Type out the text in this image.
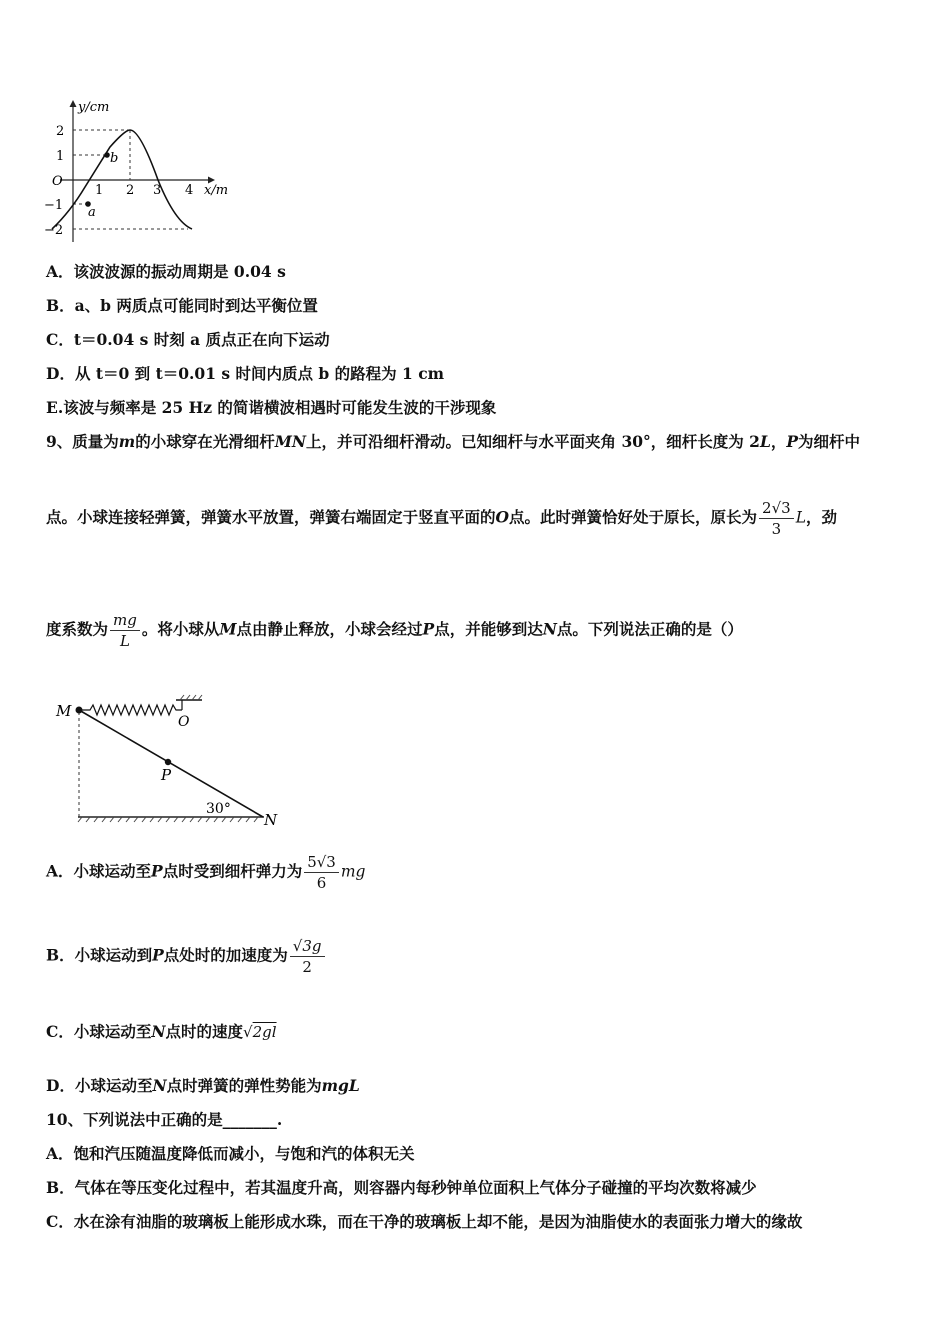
y/cm
x/m
O
2
1
−1
−2
1 2 3 4
a
b
A．该波波源的振动周期是 0.04 s
B．a、b 两质点可能同时到达平衡位置
C．t＝0.04 s 时刻 a 质点正在向下运动
D．从 t＝0 到 t＝0.01 s 时间内质点 b 的路程为 1 cm
E.该波与频率是 25 Hz 的简谐横波相遇时可能发生波的干涉现象
9、质量为m的小球穿在光滑细杆MN上，并可沿细杆滑动。已知细杆与水平面夹角 30°，细杆长度为 2L，P为细杆中
点。小球连接轻弹簧，弹簧水平放置，弹簧右端固定于竖直平面的O点。此时弹簧恰好处于原长，原长为 $\frac{2√3}{3}$ L，劲
度系数为 $\frac{mg}{L}$ 。将小球从M点由静止释放，小球会经过P点，并能够到达N点。下列说法正确的是（）
M
O
P
N
30°
A．小球运动至P点时受到细杆弹力为 $\frac{5√3}{6}$ mg
B．小球运动到P点处时的加速度为 $\frac{√3g}{2}$
C．小球运动至N点时的速度√2gl
D．小球运动至N点时弹簧的弹性势能为mgL
10、下列说法中正确的是_______.
A．饱和汽压随温度降低而减小，与饱和汽的体积无关
B．气体在等压变化过程中，若其温度升高，则容器内每秒钟单位面积上气体分子碰撞的平均次数将减少
C．水在涂有油脂的玻璃板上能形成水珠，而在干净的玻璃板上却不能，是因为油脂使水的表面张力增大的缘故
